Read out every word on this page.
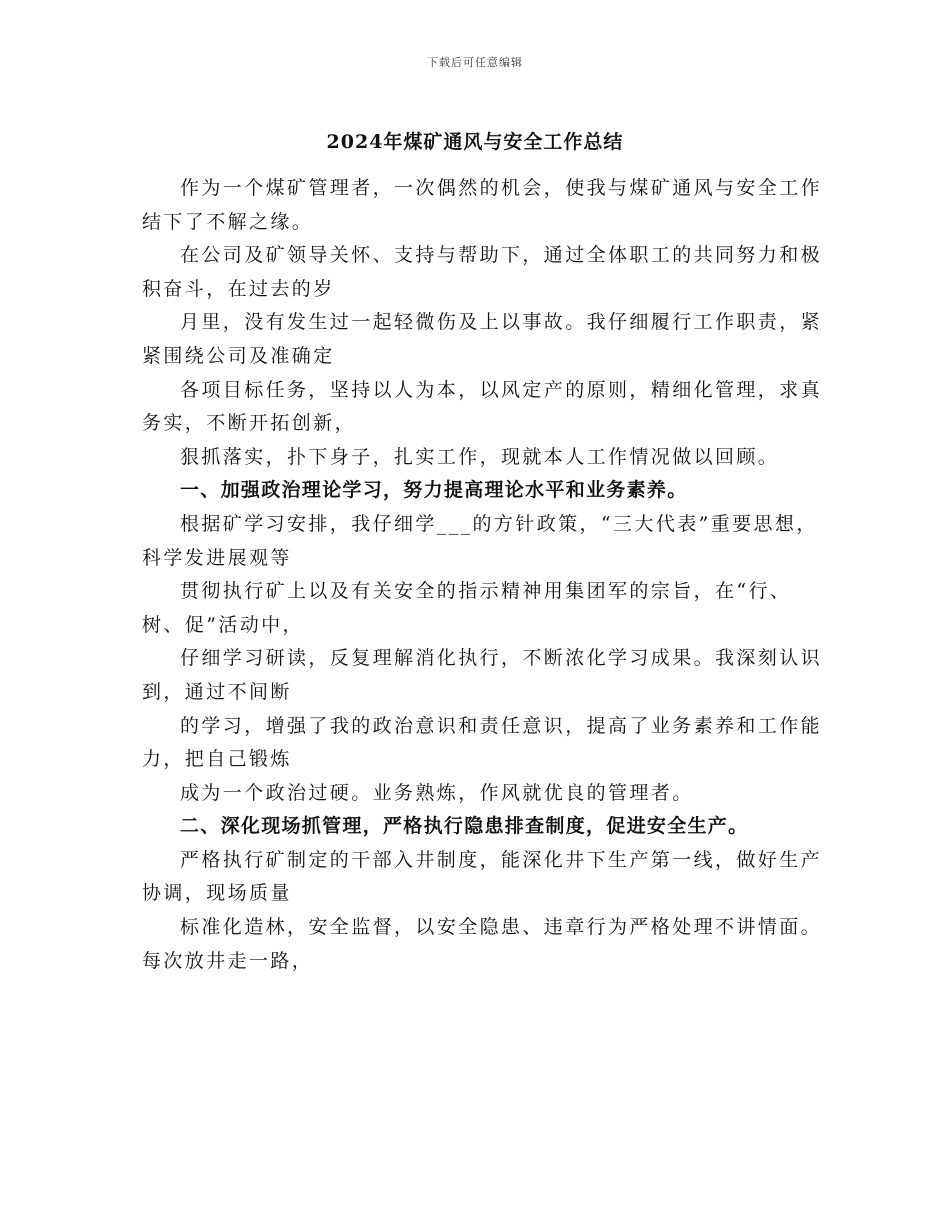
下载后可任意编辑
2024年煤矿通风与安全工作总结

作为一个煤矿管理者，一次偶然的机会，使我与煤矿通风与安全工作结下了不解之缘。

在公司及矿领导关怀、支持与帮助下，通过全体职工的共同努力和极积奋斗，在过去的岁

月里，没有发生过一起轻微伤及上以事故。我仔细履行工作职责，紧紧围绕公司及准确定

各项目标任务，坚持以人为本，以风定产的原则，精细化管理，求真务实，不断开拓创新，

狠抓落实，扑下身子，扎实工作，现就本人工作情况做以回顾。

一、加强政治理论学习，努力提高理论水平和业务素养。

根据矿学习安排，我仔细学___的方针政策，“三大代表”重要思想，科学发进展观等

贯彻执行矿上以及有关安全的指示精神用集团军的宗旨，在“行、树、促”活动中，

仔细学习研读，反复理解消化执行，不断浓化学习成果。我深刻认识到，通过不间断

的学习，增强了我的政治意识和责任意识，提高了业务素养和工作能力，把自己锻炼

成为一个政治过硬。业务熟炼，作风就优良的管理者。

二、深化现场抓管理，严格执行隐患排查制度，促进安全生产。

严格执行矿制定的干部入井制度，能深化井下生产第一线，做好生产协调，现场质量

标准化造林，安全监督，以安全隐患、违章行为严格处理不讲情面。每次放井走一路，
